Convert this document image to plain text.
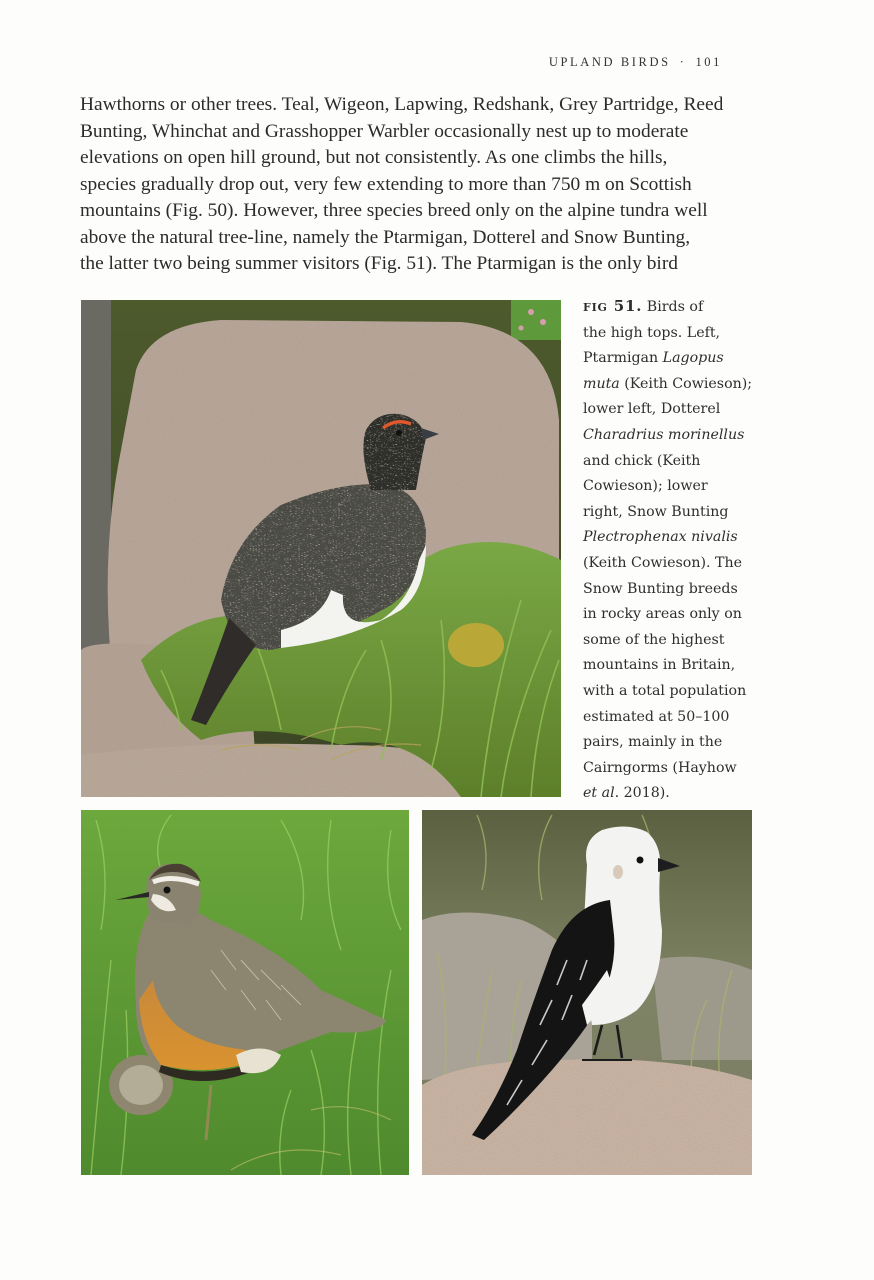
UPLAND BIRDS · 101
Hawthorns or other trees. Teal, Wigeon, Lapwing, Redshank, Grey Partridge, Reed
Bunting, Whinchat and Grasshopper Warbler occasionally nest up to moderate
elevations on open hill ground, but not consistently. As one climbs the hills,
species gradually drop out, very few extending to more than 750 m on Scottish
mountains (Fig. 50). However, three species breed only on the alpine tundra well
above the natural tree-line, namely the Ptarmigan, Dotterel and Snow Bunting,
the latter two being summer visitors (Fig. 51). The Ptarmigan is the only bird
fig 51. Birds of
the high tops. Left,
Ptarmigan Lagopus
muta (Keith Cowieson);
lower left, Dotterel
Charadrius morinellus
and chick (Keith
Cowieson); lower
right, Snow Bunting
Plectrophenax nivalis
(Keith Cowieson). The
Snow Bunting breeds
in rocky areas only on
some of the highest
mountains in Britain,
with a total population
estimated at 50–100
pairs, mainly in the
Cairngorms (Hayhow
et al. 2018).
